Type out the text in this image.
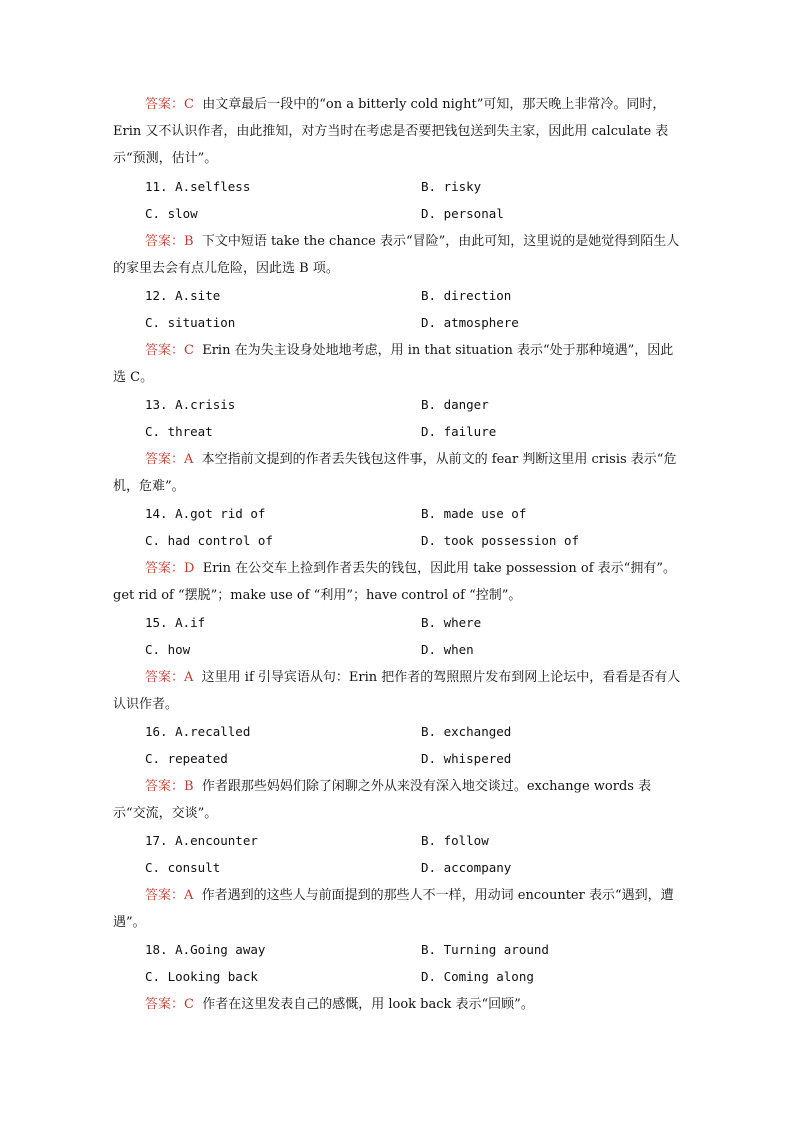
答案：C 由文章最后一段中的“on a bitterly cold night”可知，那天晚上非常冷。同时，Erin 又不认识作者，由此推知，对方当时在考虑是否要把钱包送到失主家，因此用 calculate 表示“预测，估计”。
11. A.selfless	B. risky
C. slow	D. personal
答案：B 下文中短语 take the chance 表示“冒险”，由此可知，这里说的是她觉得到陌生人的家里去会有点儿危险，因此选 B 项。
12. A.site	B. direction
C. situation	D. atmosphere
答案：C Erin 在为失主设身处地地考虑，用 in that situation 表示“处于那种境遇”，因此选 C。
13. A.crisis	B. danger
C. threat	D. failure
答案：A 本空指前文提到的作者丢失钱包这件事，从前文的 fear 判断这里用 crisis 表示“危机，危难”。
14. A.got rid of	B. made use of
C. had control of	D. took possession of
答案：D Erin 在公交车上捡到作者丢失的钱包，因此用 take possession of 表示“拥有”。get rid of “摆脱”；make use of “利用”；have control of “控制”。
15. A.if	B. where
C. how	D. when
答案：A 这里用 if 引导宾语从句：Erin 把作者的驾照照片发布到网上论坛中，看看是否有人认识作者。
16. A.recalled	B. exchanged
C. repeated	D. whispered
答案：B 作者跟那些妈妈们除了闲聊之外从来没有深入地交谈过。exchange words 表示“交流，交谈”。
17. A.encounter	B. follow
C. consult	D. accompany
答案：A 作者遇到的这些人与前面提到的那些人不一样，用动词 encounter 表示“遇到，遭遇”。
18. A.Going away	B. Turning around
C. Looking back	D. Coming along
答案：C 作者在这里发表自己的感慨，用 look back 表示“回顾”。
